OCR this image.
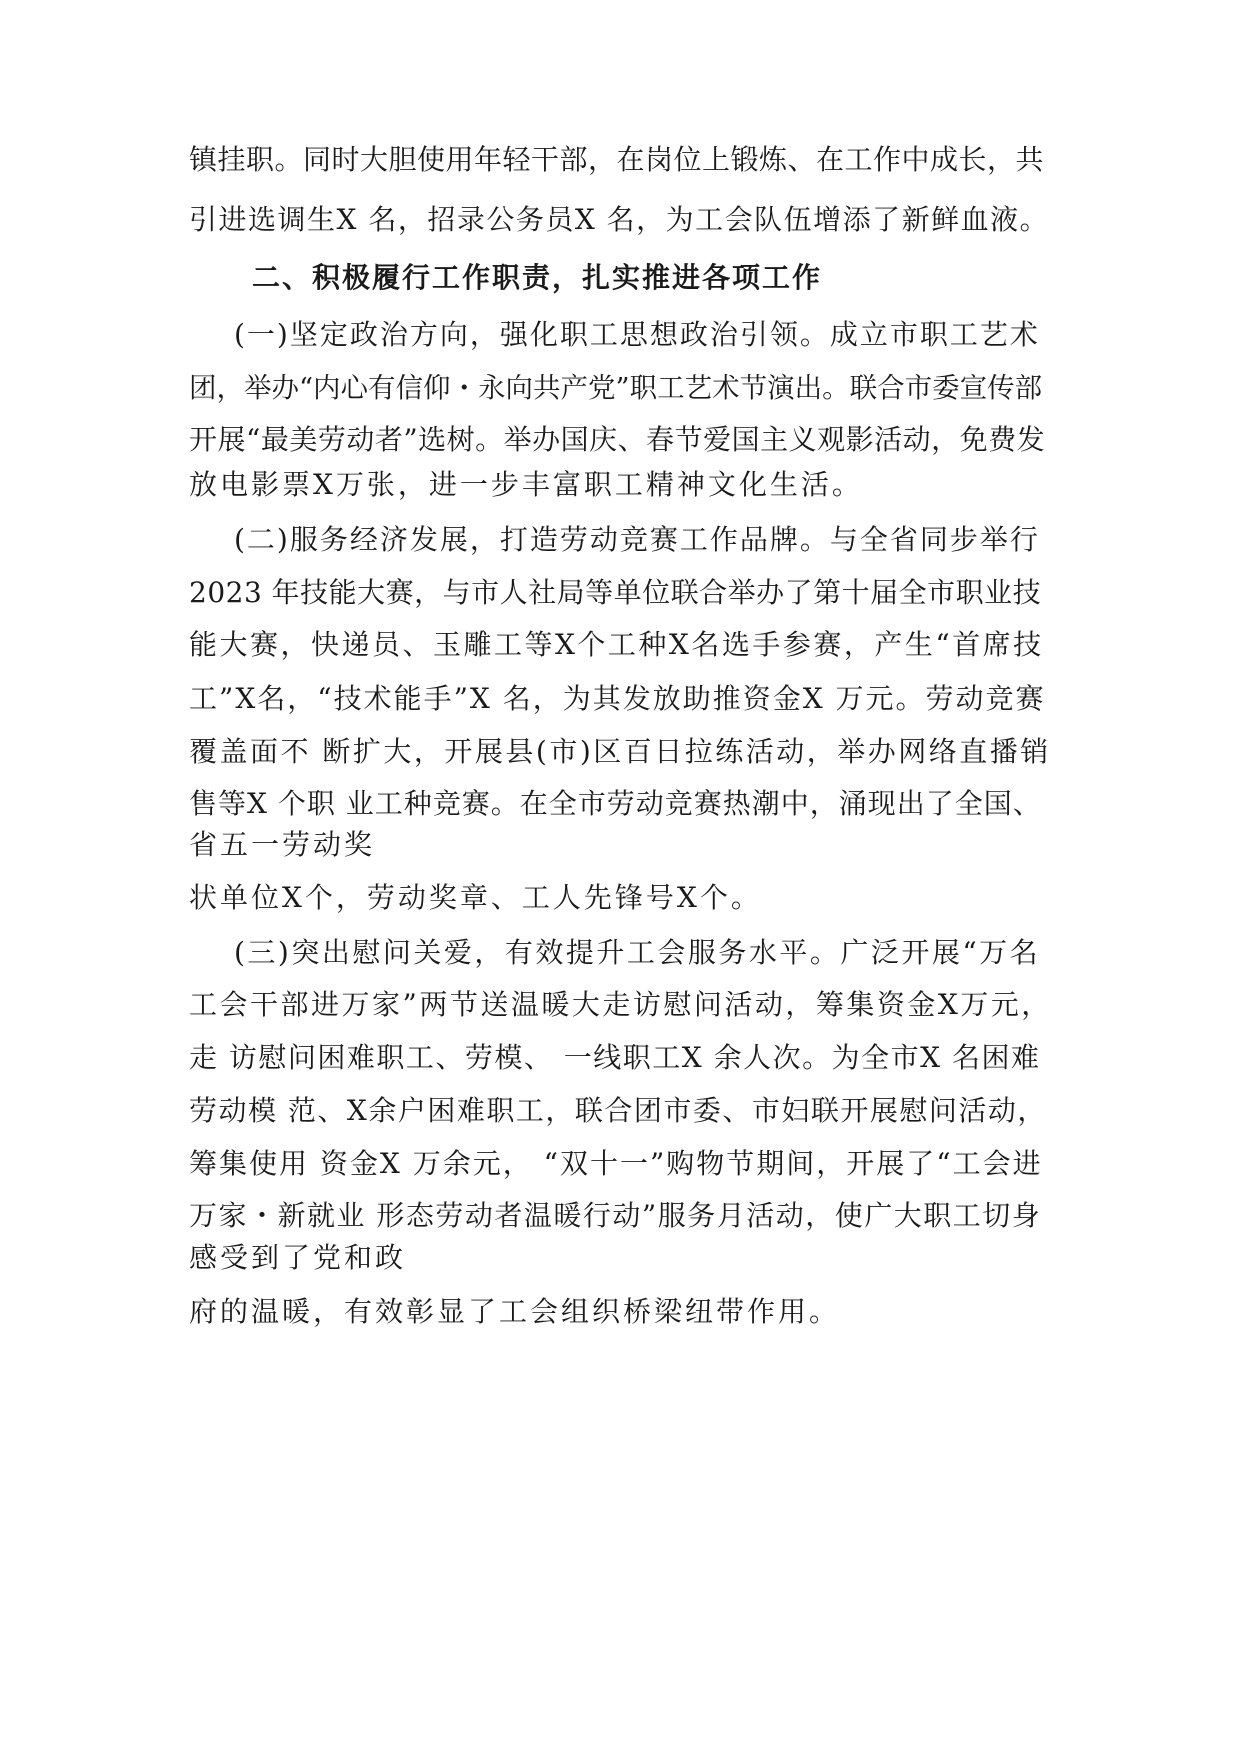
镇挂职。同时大胆使用年轻干部，在岗位上锻炼、在工作中成长，共

引进选调生X 名，招录公务员X 名，为工会队伍增添了新鲜血液。

二、积极履行工作职责，扎实推进各项工作

(一)坚定政治方向，强化职工思想政治引领。成立市职工艺术

团，举办“内心有信仰・永向共产党”职工艺术节演出。联合市委宣传部

开展“最美劳动者”选树。举办国庆、春节爱国主义观影活动，免费发

放电影票X万张，进一步丰富职工精神文化生活。

(二)服务经济发展，打造劳动竞赛工作品牌。与全省同步举行

2023 年技能大赛，与市人社局等单位联合举办了第十届全市职业技

能大赛，快递员、玉雕工等X个工种X名选手参赛，产生“首席技

工”X名，“技术能手”X 名，为其发放助推资金X 万元。劳动竞赛

覆盖面不 断扩大，开展县(市)区百日拉练活动，举办网络直播销

售等X 个职 业工种竞赛。在全市劳动竞赛热潮中，涌现出了全国、

省五一劳动奖

状单位X个，劳动奖章、工人先锋号X个。

(三)突出慰问关爱，有效提升工会服务水平。广泛开展“万名

工会干部进万家”两节送温暖大走访慰问活动，筹集资金X万元，

走 访慰问困难职工、劳模、 一线职工X 余人次。为全市X 名困难

劳动模 范、X余户困难职工，联合团市委、市妇联开展慰问活动，

筹集使用 资金X 万余元， “双十一”购物节期间，开展了“工会进

万家・新就业 形态劳动者温暖行动”服务月活动，使广大职工切身

感受到了党和政

府的温暖，有效彰显了工会组织桥梁纽带作用。
